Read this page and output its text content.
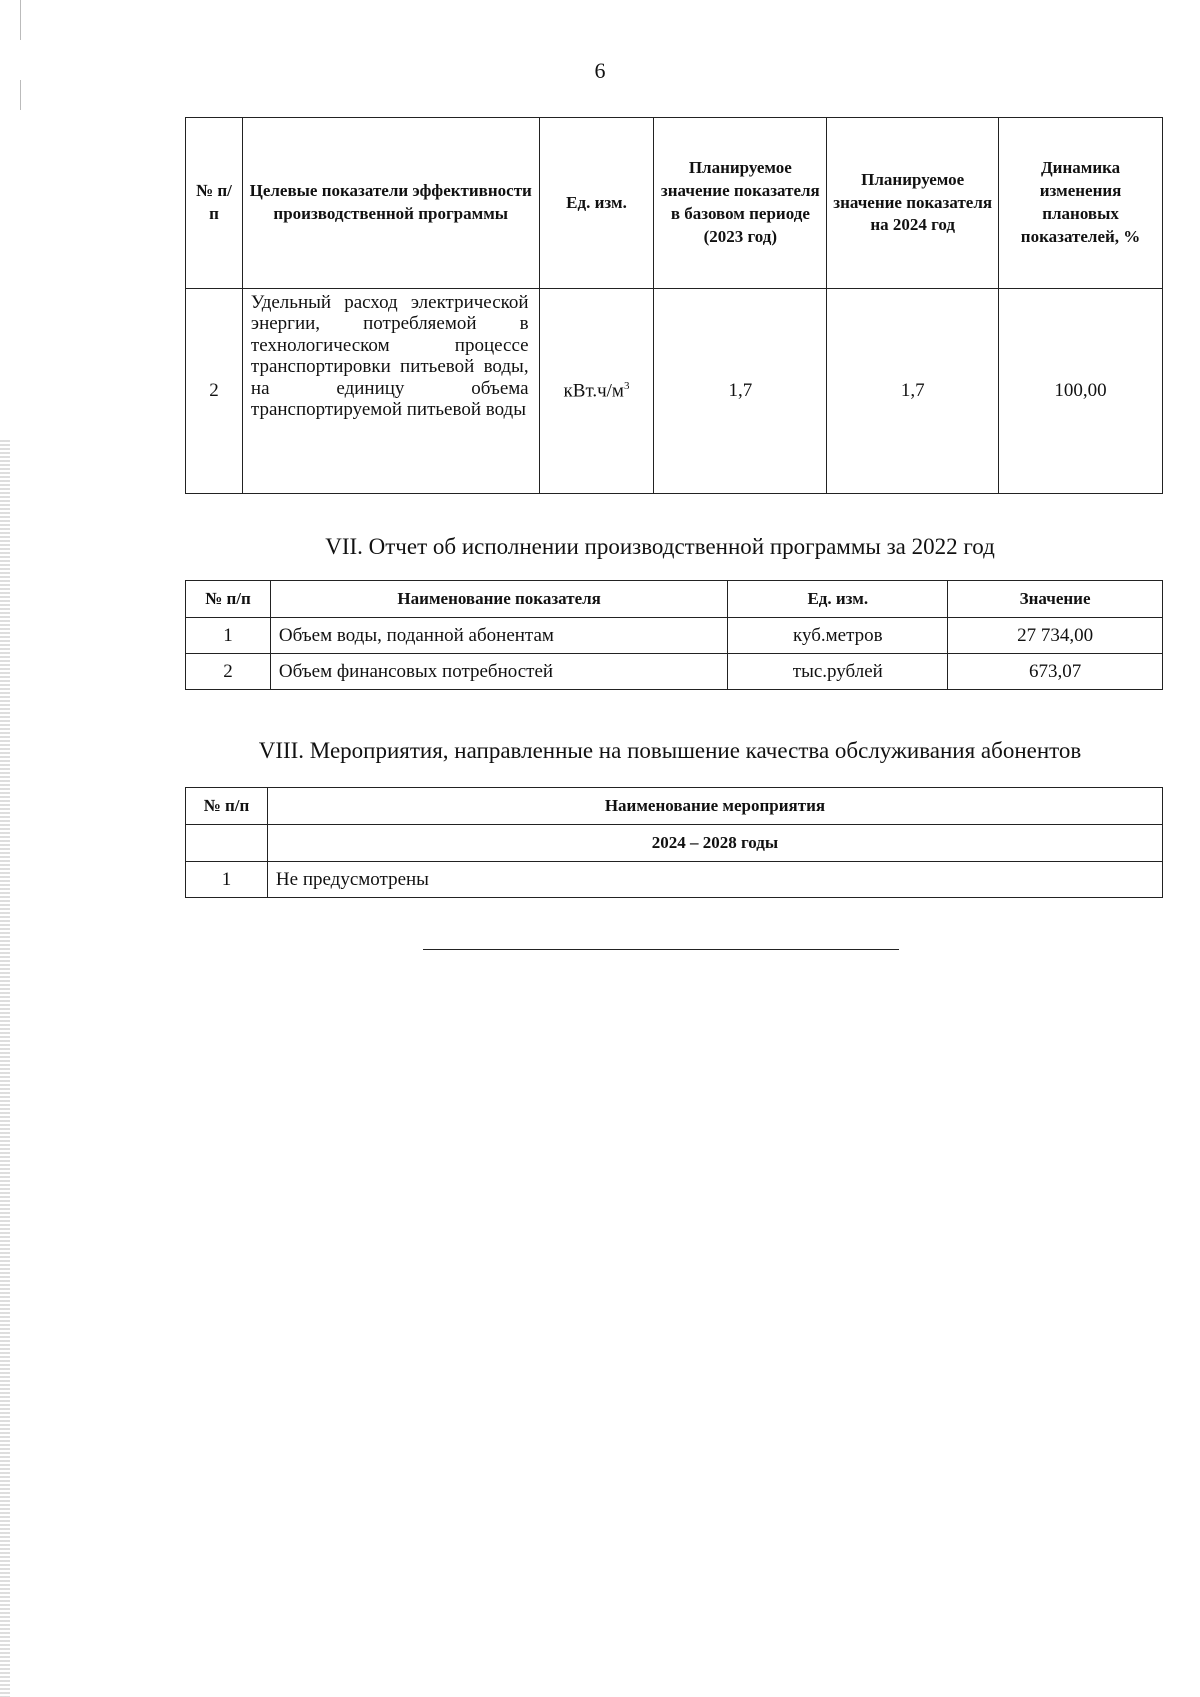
6
№ п/п	Целевые показатели эффективности производственной программы	Ед. изм.	Планируемое значение показателя в базовом периоде (2023 год)	Планируемое значение показателя на 2024 год	Динамика изменения плановых показателей, %
2	Удельный расход электрической энергии, потребляемой в технологическом процессе транспортировки питьевой воды, на единицу объема транспортируемой питьевой воды	$кВт.ч/м^3$	1,7	1,7	100,00
VII. Отчет об исполнении производственной программы за 2022 год
№ п/п	Наименование показателя	Ед. изм.	Значение
1	Объем воды, поданной абонентам	куб.метров	27 734,00
2	Объем финансовых потребностей	тыс.рублей	673,07
VIII. Мероприятия, направленные на повышение качества обслуживания абонентов
№ п/п	Наименование мероприятия
	2024 – 2028 годы
1	Не предусмотрены
